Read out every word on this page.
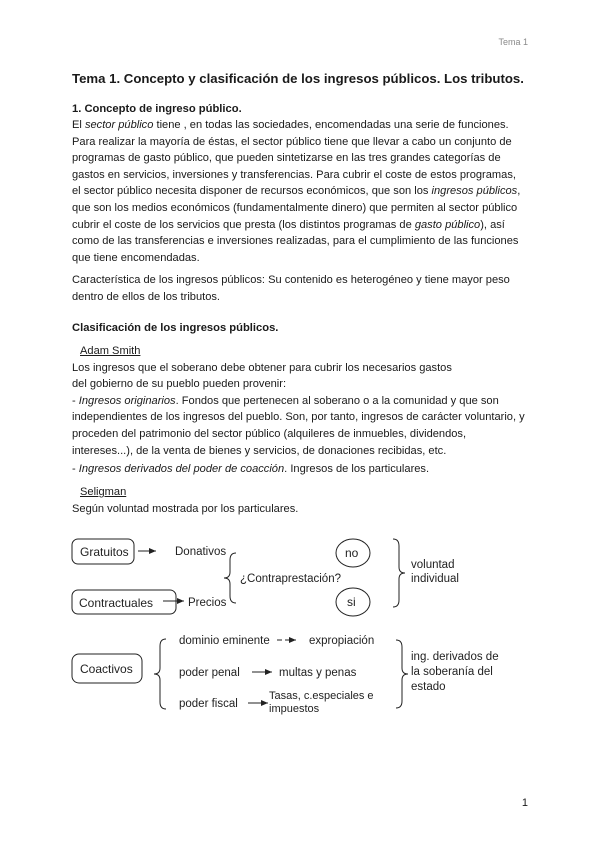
Tema 1
Tema 1. Concepto y clasificación de los ingresos públicos. Los tributos.
1. Concepto de ingreso público.
El sector público tiene , en todas las sociedades, encomendadas una serie de funciones.
Para realizar la mayoría de éstas, el sector público tiene que llevar a cabo un conjunto de
programas de gasto público, que pueden sintetizarse en las tres grandes categorías de
gastos en servicios, inversiones y transferencias. Para cubrir el coste de estos programas,
el sector público necesita disponer de recursos económicos, que son los ingresos públicos,
que son los medios económicos (fundamentalmente dinero) que permiten al sector público
cubrir el coste de los servicios que presta (los distintos programas de gasto público), así
como de las transferencias e inversiones realizadas, para el cumplimiento de las funciones
que tiene encomendadas.
Característica de los ingresos públicos: Su contenido es heterogéneo y tiene mayor peso
dentro de ellos de los tributos.
Clasificación de los ingresos públicos.
Adam Smith
Los ingresos que el soberano debe obtener para cubrir los necesarios gastos
del gobierno de su pueblo pueden provenir:
- Ingresos originarios. Fondos que pertenecen al soberano o a la comunidad y que son
independientes de los ingresos del pueblo. Son, por tanto, ingresos de carácter voluntario, y
proceden del patrimonio del sector público (alquileres de inmuebles, dividendos,
intereses...), de la venta de bienes y servicios, de donaciones recibidas, etc.
- Ingresos derivados del poder de coacción. Ingresos de los particulares.
Seligman
Según voluntad mostrada por los particulares.
Gratuitos	Donativos
Contractuales	Precios
¿Contraprestación?
no
si
voluntad
individual
Coactivos
dominio eminente	expropiación
poder penal	multas y penas
poder fiscal
Tasas, c.especiales e
impuestos
ing. derivados de
la soberanía del
estado
1
